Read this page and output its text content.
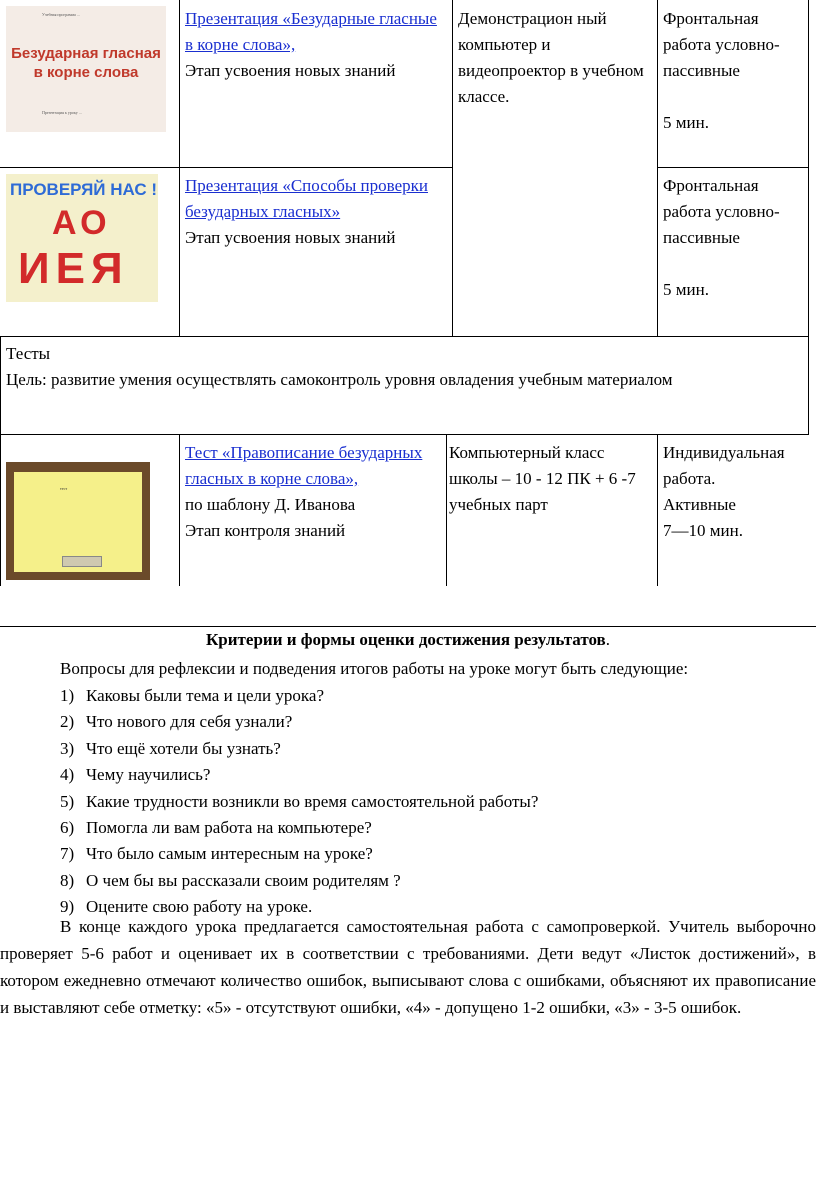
Учебная программа ...
Безударная гласная в корне слова
Презентация к уроку ...
Презентация «Безударные гласные в корне слова»,
Этап усвоения новых знаний
Демонстрацион ный компьютер и видеопроектор в учебном классе.
Фронтальная работа условно-пассивные

5 мин.
ПРОВЕРЯЙ НАС !
АО
ИЕЯ
Презентация «Способы проверки безударных гласных»
Этап усвоения новых знаний
Фронтальная работа условно-пассивные

5 мин.
Тесты
Цель: развитие умения осуществлять самоконтроль уровня овладения учебным материалом
тест
Тест «Правописание безударных гласных в корне слова»,
по шаблону Д. Иванова
Этап контроля знаний
Компьютерный класс школы – 10 - 12 ПК + 6 -7 учебных парт
Индивидуальная
работа.
Активные
7—10 мин.
Критерии и формы оценки достижения результатов.
Вопросы для рефлексии и подведения итогов работы на уроке могут быть следующие:
1) Каковы были тема и цели урока?
2) Что нового для себя узнали?
3) Что ещё хотели бы узнать?
4) Чему научились?
5) Какие трудности возникли во время самостоятельной работы?
6) Помогла ли вам работа на компьютере?
7) Что было самым интересным на уроке?
8) О чем бы вы рассказали своим родителям ?
9) Оцените свою работу на уроке.
В конце каждого урока предлагается самостоятельная работа с самопроверкой. Учитель выборочно проверяет 5-6 работ и оценивает их в соответствии с требованиями. Дети ведут «Листок достижений», в котором ежедневно отмечают количество ошибок, выписывают слова с ошибками, объясняют их правописание и выставляют себе отметку: «5» - отсутствуют ошибки, «4» - допущено 1-2 ошибки, «3» - 3-5 ошибок.
